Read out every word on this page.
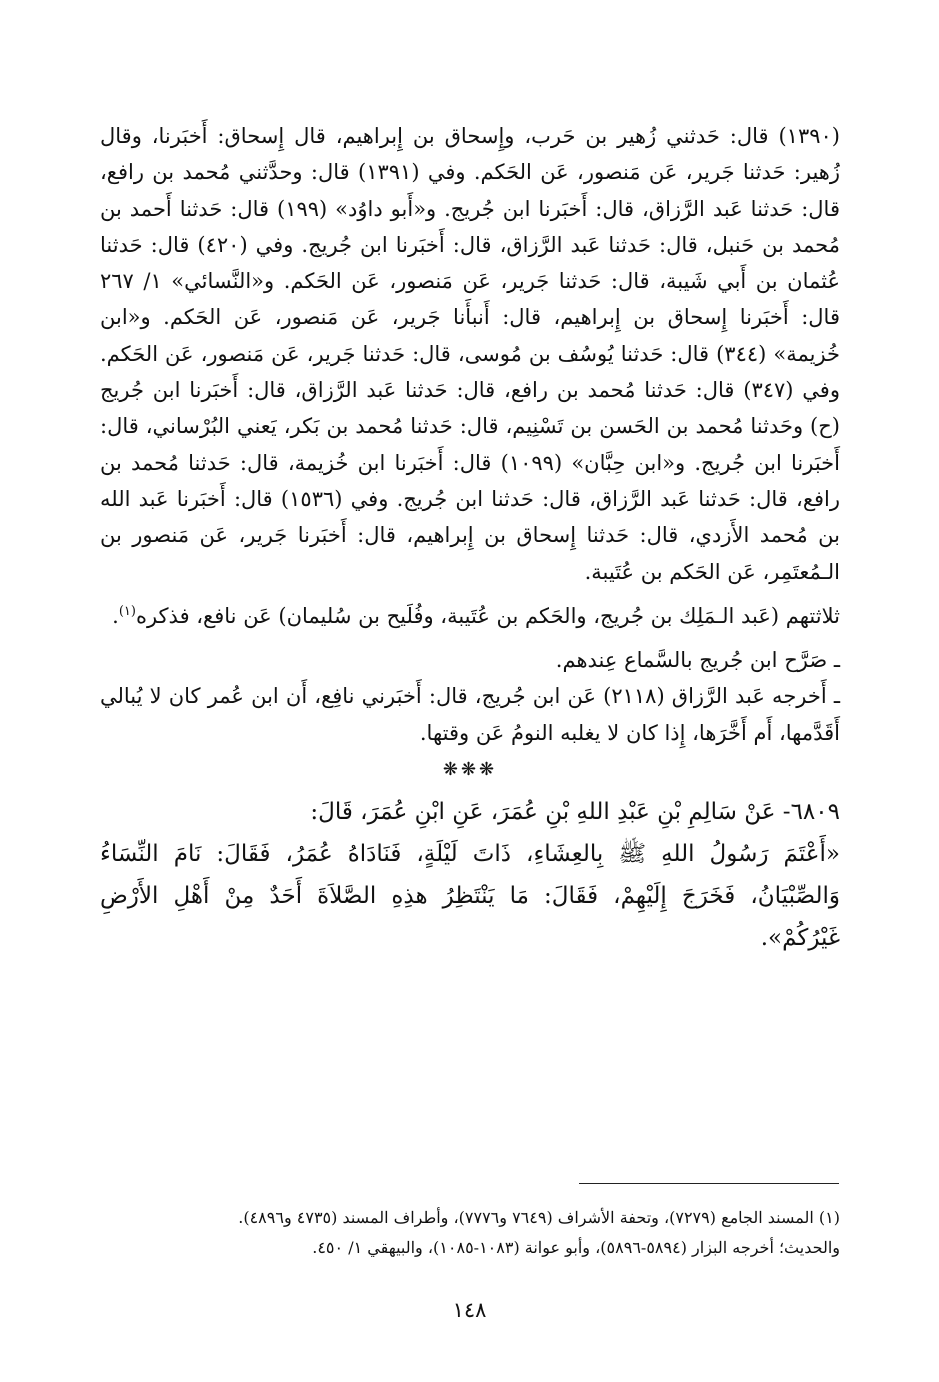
(١٣٩٠) قال: حَدثني زُهير بن حَرب، وإِسحاق بن إِبراهيم، قال إِسحاق: أَخبَرنا، وقال زُهير: حَدثنا جَرير، عَن مَنصور، عَن الحَكم. وفي (١٣٩١) قال: وحدَّثني مُحمد بن رافع، قال: حَدثنا عَبد الرَّزاق، قال: أَخبَرنا ابن جُريج. و«أَبو داوُد» (١٩٩) قال: حَدثنا أَحمد بن مُحمد بن حَنبل، قال: حَدثنا عَبد الرَّزاق، قال: أَخبَرنا ابن جُريج. وفي (٤٢٠) قال: حَدثنا عُثمان بن أَبي شَيبة، قال: حَدثنا جَرير، عَن مَنصور، عَن الحَكم. و«النَّسائي» ١/ ٢٦٧ قال: أَخبَرنا إِسحاق بن إِبراهيم، قال: أَنبأَنا جَرير، عَن مَنصور، عَن الحَكم. و«ابن خُزيمة» (٣٤٤) قال: حَدثنا يُوسُف بن مُوسى، قال: حَدثنا جَرير، عَن مَنصور، عَن الحَكم. وفي (٣٤٧) قال: حَدثنا مُحمد بن رافع، قال: حَدثنا عَبد الرَّزاق، قال: أَخبَرنا ابن جُريج (ح) وحَدثنا مُحمد بن الحَسن بن تَسْنِيم، قال: حَدثنا مُحمد بن بَكر، يَعني البُرْساني، قال: أَخبَرنا ابن جُريج. و«ابن حِبَّان» (١٠٩٩) قال: أَخبَرنا ابن خُزيمة، قال: حَدثنا مُحمد بن رافع، قال: حَدثنا عَبد الرَّزاق، قال: حَدثنا ابن جُريج. وفي (١٥٣٦) قال: أَخبَرنا عَبد الله بن مُحمد الأَزدي، قال: حَدثنا إِسحاق بن إِبراهيم، قال: أَخبَرنا جَرير، عَن مَنصور بن الـمُعتَمِر، عَن الحَكم بن عُتَيبة.

ثلاثتهم (عَبد الـمَلِك بن جُريج، والحَكم بن عُتَيبة، وفُلَيح بن سُليمان) عَن نافع، فذكره$^{(١)}$.

ـ صَرَّح ابن جُريج بالسَّماع عِندهم.

ـ أَخرجه عَبد الرَّزاق (٢١١٨) عَن ابن جُريج، قال: أَخبَرني نافِع، أَن ابن عُمر كان لا يُبالي أَقَدَّمها، أَم أَخَّرَها، إِذا كان لا يغلبه النومُ عَن وقتها.

❋❋❋

٦٨٠٩- عَنْ سَالِمِ بْنِ عَبْدِ اللهِ بْنِ عُمَرَ، عَنِ ابْنِ عُمَرَ، قَالَ:

«أَعْتَمَ رَسُولُ اللهِ ﷺ بِالعِشَاءِ، ذَاتَ لَيْلَةٍ، فَنَادَاهُ عُمَرُ، فَقَالَ: نَامَ النِّسَاءُ وَالصِّبْيَانُ، فَخَرَجَ إِلَيْهِمْ، فَقَالَ: مَا يَنْتَظِرُ هذِهِ الصَّلاَةَ أَحَدٌ مِنْ أَهْلِ الأَرْضِ غَيْرُكُمْ».

(١) المسند الجامع (٧٢٧٩)، وتحفة الأشراف (٧٦٤٩ و٧٧٧٦)، وأطراف المسند (٤٧٣٥ و٤٨٩٦).

والحديث؛ أخرجه البزار (٥٨٩٤-٥٨٩٦)، وأبو عوانة (١٠٨٣-١٠٨٥)، والبيهقي ١/ ٤٥٠.

١٤٨
